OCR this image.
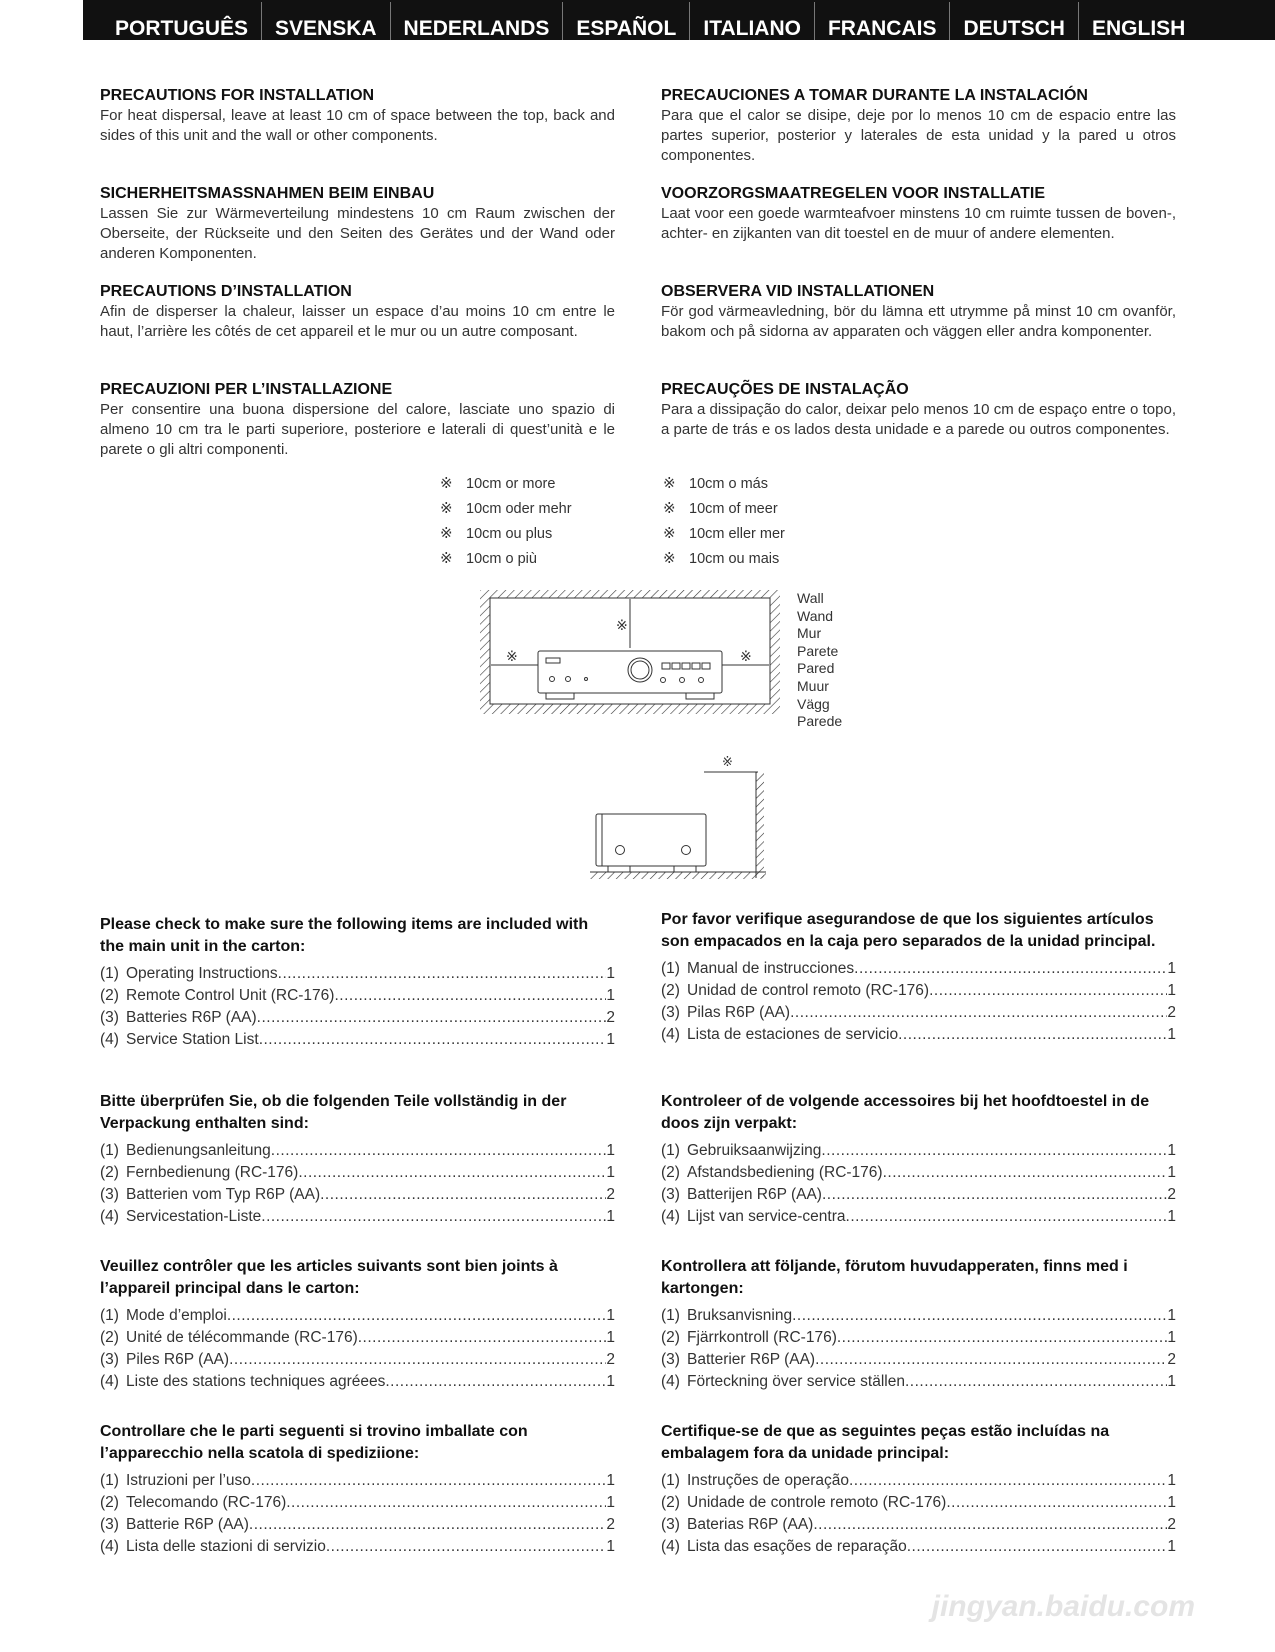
PORTUGUÊS	SVENSKA	NEDERLANDS	ESPAÑOL	ITALIANO	FRANCAIS	DEUTSCH	ENGLISH
PRECAUTIONS FOR INSTALLATION

For heat dispersal, leave at least 10 cm of space between the top, back and sides of this unit and the wall or other components.

SICHERHEITSMASSNAHMEN BEIM EINBAU

Lassen Sie zur Wärmeverteilung mindestens 10 cm Raum zwischen der Oberseite, der Rückseite und den Seiten des Gerätes und der Wand oder anderen Komponenten.

PRECAUTIONS D’INSTALLATION

Afin de disperser la chaleur, laisser un espace d’au moins 10 cm entre le haut, l’arrière les côtés de cet appareil et le mur ou un autre composant.

PRECAUZIONI PER L’INSTALLAZIONE

Per consentire una buona dispersione del calore, lasciate uno spazio di almeno 10 cm tra le parti superiore, posteriore e laterali di quest’unità e le parete o gli altri componenti.

PRECAUCIONES A TOMAR DURANTE LA INSTALACIÓN

Para que el calor se disipe, deje por lo menos 10 cm de espacio entre las partes superior, posterior y laterales de esta unidad y la pared u otros componentes.

VOORZORGSMAATREGELEN VOOR INSTALLATIE

Laat voor een goede warmteafvoer minstens 10 cm ruimte tussen de boven-, achter- en zijkanten van dit toestel en de muur of andere elementen.

OBSERVERA VID INSTALLATIONEN

För god värmeavledning, bör du lämna ett utrymme på minst 10 cm ovanför, bakom och på sidorna av apparaten och väggen eller andra komponenter.

PRECAUÇÕES DE INSTALAÇÃO

Para a dissipação do calor, deixar pelo menos 10 cm de espaço entre o topo, a parte de trás e os lados desta unidade e a parede ou outros componentes.

※ 10cm or more
※ 10cm oder mehr
※ 10cm ou plus
※ 10cm o più
※ 10cm o más
※ 10cm of meer
※ 10cm eller mer
※ 10cm ou mais
※
※	※
Wall
Wand
Mur
Parete
Pared
Muur
Vägg
Parede
※
Please check to make sure the following items are included with the main unit in the carton:
(1) Operating Instructions .....	1
(2) Remote Control Unit (RC-176) .....	1
(3) Batteries R6P (AA) .....	2
(4) Service Station List .....	1
Bitte überprüfen Sie, ob die folgenden Teile vollständig in der Verpackung enthalten sind:
(1) Bedienungsanleitung .....	1
(2) Fernbedienung (RC-176) .....	1
(3) Batterien vom Typ R6P (AA) .....	2
(4) Servicestation-Liste .....	1
Veuillez contrôler que les articles suivants sont bien joints à l’appareil principal dans le carton:
(1) Mode d’emploi .....	1
(2) Unité de télécommande (RC-176) .....	1
(3) Piles R6P (AA) .....	2
(4) Liste des stations techniques agréees .....	1
Controllare che le parti seguenti si trovino imballate con l’apparecchio nella scatola di spediziione:
(1) Istruzioni per l’uso .....	1
(2) Telecomando (RC-176) .....	1
(3) Batterie R6P (AA) .....	2
(4) Lista delle stazioni di servizio .....	1
Por favor verifique asegurandose de que los siguientes artículos son empacados en la caja pero separados de la unidad principal.
(1) Manual de instrucciones .....	1
(2) Unidad de control remoto (RC-176) .....	1
(3) Pilas R6P (AA) .....	2
(4) Lista de estaciones de servicio .....	1
Kontroleer of de volgende accessoires bij het hoofdtoestel in de doos zijn verpakt:
(1) Gebruiksaanwijzing .....	1
(2) Afstandsbediening (RC-176) .....	1
(3) Batterijen R6P (AA) .....	2
(4) Lijst van service-centra .....	1
Kontrollera att följande, förutom huvudapperaten, finns med i kartongen:
(1) Bruksanvisning .....	1
(2) Fjärrkontroll (RC-176) .....	1
(3) Batterier R6P (AA) .....	2
(4) Förteckning över service ställen .....	1
Certifique-se de que as seguintes peças estão incluídas na embalagem fora da unidade principal:
(1) Instruções de operação .....	1
(2) Unidade de controle remoto (RC-176) .....	1
(3) Baterias R6P (AA) .....	2
(4) Lista das esações de reparação .....	1
jingyan.baidu.com
